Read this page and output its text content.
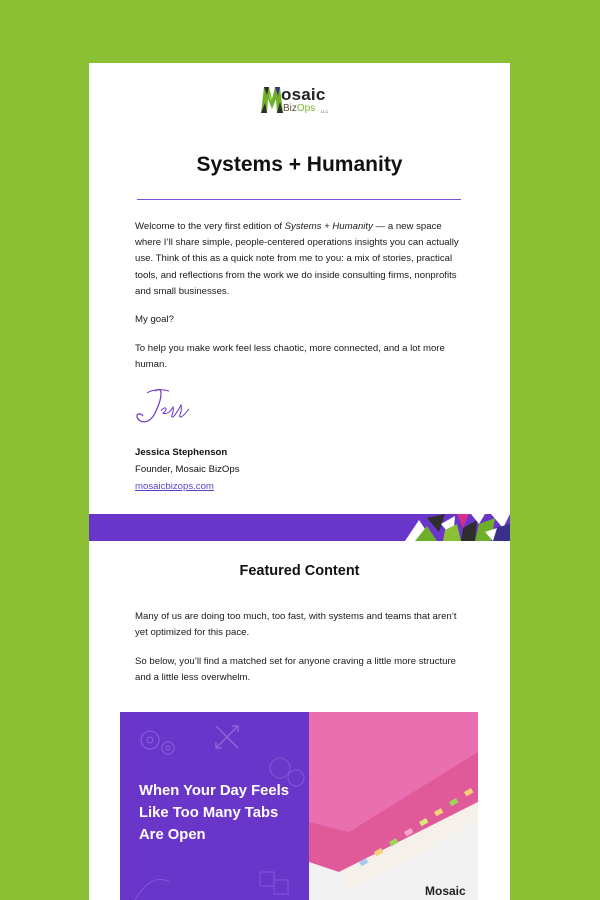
osaic
BizOps LLC
Systems + Humanity

Welcome to the very first edition of Systems + Humanity — a new space where I’ll share simple, people-centered operations insights you can actually use. Think of this as a quick note from me to you: a mix of stories, practical tools, and reflections from the work we do inside consulting firms, nonprofits and small businesses.

My goal?

To help you make work feel less chaotic, more connected, and a lot more human.

Jessica Stephenson

Founder, Mosaic BizOps

mosaicbizops.com
Featured Content

Many of us are doing too much, too fast, with systems and teams that aren’t yet optimized for this pace.

So below, you’ll find a matched set for anyone craving a little more structure and a little less overwhelm.

When Your Day Feels Like Too Many Tabs Are Open

Mosaic
